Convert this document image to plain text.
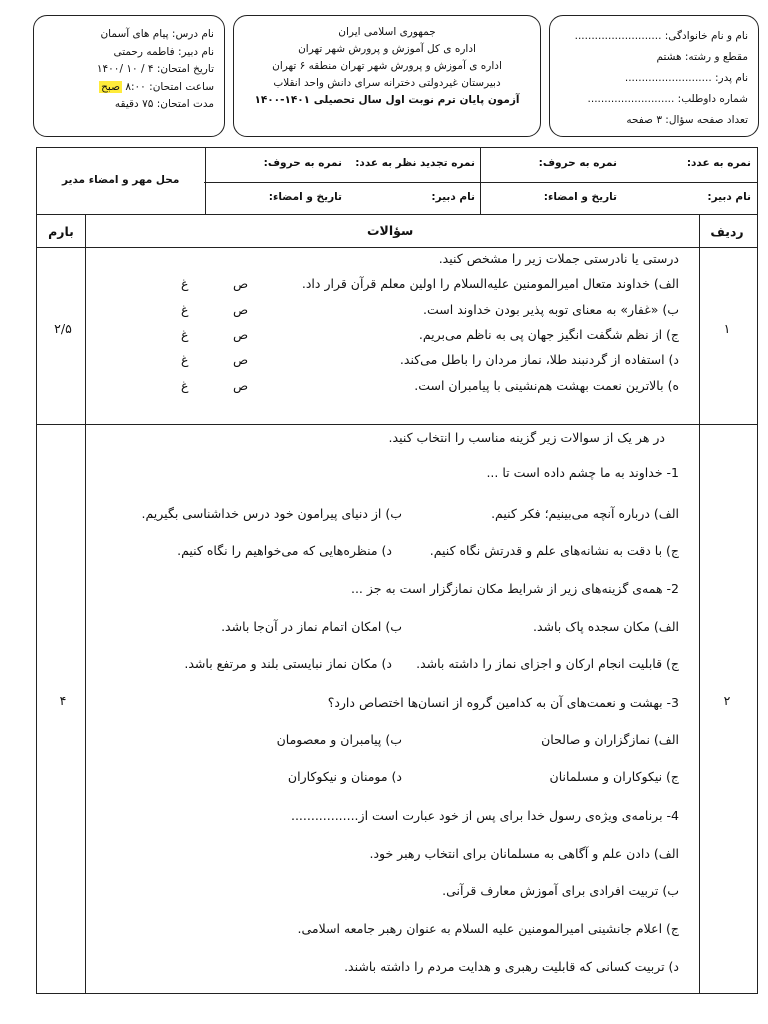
نام و نام خانوادگی: ..........................
مقطع و رشته: هشتم
نام پدر: ..........................
شماره داوطلب: ..........................
تعداد صفحه سؤال: ۳ صفحه
جمهوری اسلامی ایران
اداره ی کل آموزش و پرورش شهر تهران
اداره ی آموزش و پرورش شهر تهران منطقه ۶ تهران
دبیرستان غیردولتی دخترانه سرای دانش واحد انقلاب
آزمون پایان ترم نوبت اول سال تحصیلی ۱۴۰۱-۱۴۰۰
نام درس: پیام های آسمان
نام دبیر: فاطمه رحمتی
تاریخ امتحان: ۴ / ۱۰ /۱۴۰۰
ساعت امتحان: ۸:۰۰ صبح
مدت امتحان: ۷۵ دقیقه
نمره به عدد:
نمره به حروف:
نمره تجدید نظر به عدد:
نمره به حروف:
نام دبیر:
تاریخ و امضاء:
نام دبیر:
تاریخ و امضاء:
محل مهر و امضاء مدیر
ردیف
سؤالات
بارم
۱
۲/۵
درستی یا نادرستی جملات زیر را مشخص کنید.
الف) خداوند متعال امیرالمومنین علیه‌السلام را اولین معلم قرآن قرار داد.
ص
غ
ب) «غفار» به معنای توبه پذیر بودن خداوند است.
ص
غ
ج) از نظم شگفت انگیز جهان پی به ناظم می‌بریم.
ص
غ
د) استفاده از گردنبند طلا، نماز مردان را باطل می‌کند.
ص
غ
ه) بالاترین نعمت بهشت هم‌نشینی با پیامبران است.
ص
غ
۲
۴
در هر یک از سوالات زیر گزینه مناسب را انتخاب کنید.
1- خداوند به ما چشم داده است تا ...
الف) درباره آنچه می‌بینیم؛ فکر کنیم.
ب) از دنیای پیرامون خود درس خداشناسی بگیریم.
ج) با دقت به نشانه‌های علم و قدرتش نگاه کنیم.
د) منظره‌هایی که می‌خواهیم را نگاه کنیم.
2- همه‌ی گزینه‌های زیر از شرایط مکان نمازگزار است به جز ...
الف) مکان سجده پاک باشد.
ب) امکان اتمام نماز در آن‌جا باشد.
ج) قابلیت انجام ارکان و اجزای نماز را داشته باشد.
د) مکان نماز نبایستی بلند و مرتفع باشد.
3- بهشت و نعمت‌های آن به کدامین گروه از انسان‌ها اختصاص دارد؟
الف) نمازگزاران و صالحان
ب) پیامبران و معصومان
ج) نیکوکاران و مسلمانان
د) مومنان و نیکوکاران
4- برنامه‌ی ویژه‌ی رسول خدا برای پس از خود عبارت است از.................
الف) دادن علم و آگاهی به مسلمانان برای انتخاب رهبر خود.
ب) تربیت افرادی برای آموزش معارف قرآنی.
ج) اعلام جانشینی امیرالمومنین علیه السلام به عنوان رهبر جامعه اسلامی.
د) تربیت کسانی که قابلیت رهبری و هدایت مردم را داشته باشند.
